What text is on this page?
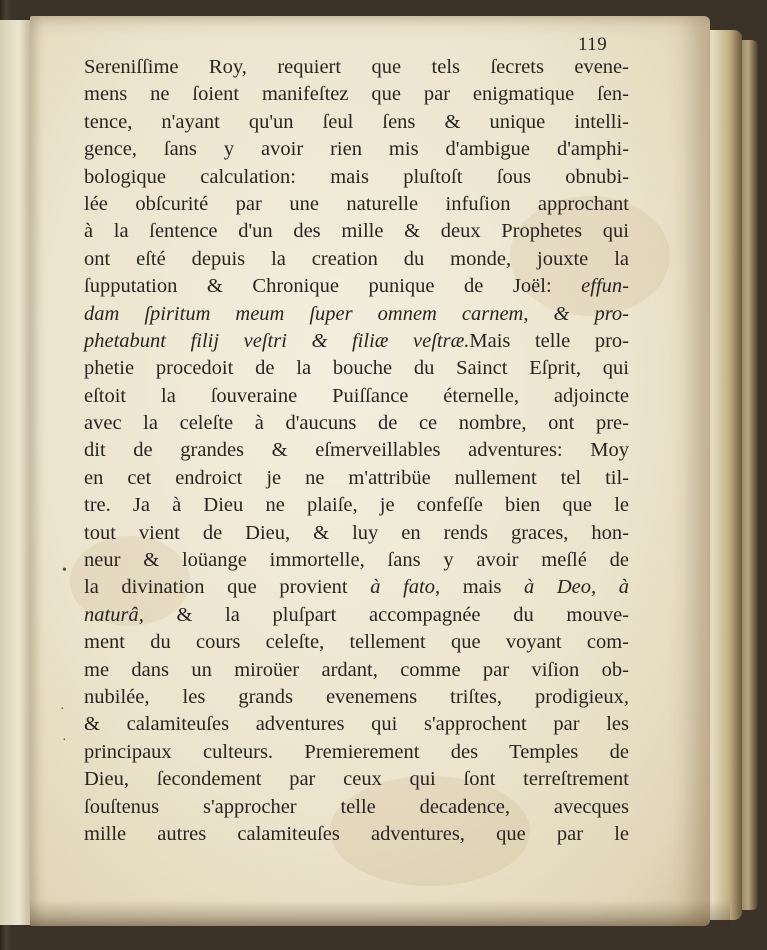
119
Sereniſſime Roy, requiert que tels ſecrets evene-
mens ne ſoient manifeſtez que par enigmatique ſen-
tence, n'ayant qu'un ſeul ſens & unique intelli-
gence, ſans y avoir rien mis d'ambigue d'amphi-
bologique calculation: mais pluſtoſt ſous obnubi-
lée obſcurité par une naturelle infuſion approchant
à la ſentence d'un des mille & deux Prophetes qui
ont eſté depuis la creation du monde, jouxte la
ſupputation & Chronique punique de Joël: effun-
dam ſpiritum meum ſuper omnem carnem, & pro-
phetabunt filij veſtri & filiæ veſtræ.Mais telle pro-
phetie procedoit de la bouche du Sainct Eſprit, qui
eſtoit la ſouveraine Puiſſance éternelle, adjoincte
avec la celeſte à d'aucuns de ce nombre, ont pre-
dit de grandes & eſmerveillables adventures: Moy
en cet endroict je ne m'attribüe nullement tel til-
tre. Ja à Dieu ne plaiſe, je confeſſe bien que le
tout vient de Dieu, & luy en rends graces, hon-
neur & loüange immortelle, ſans y avoir meſlé de
la divination que provient à fato, mais à Deo, à
naturâ, & la pluſpart accompagnée du mouve-
ment du cours celeſte, tellement que voyant com-
me dans un miroüer ardant, comme par viſion ob-
nubilée, les grands evenemens triſtes, prodigieux,
& calamiteuſes adventures qui s'approchent par les
principaux culteurs. Premierement des Temples de
Dieu, ſecondement par ceux qui ſont terreſtrement
ſouſtenus s'approcher telle decadence, avecques
mille autres calamiteuſes adventures, que par le
•
·
·
